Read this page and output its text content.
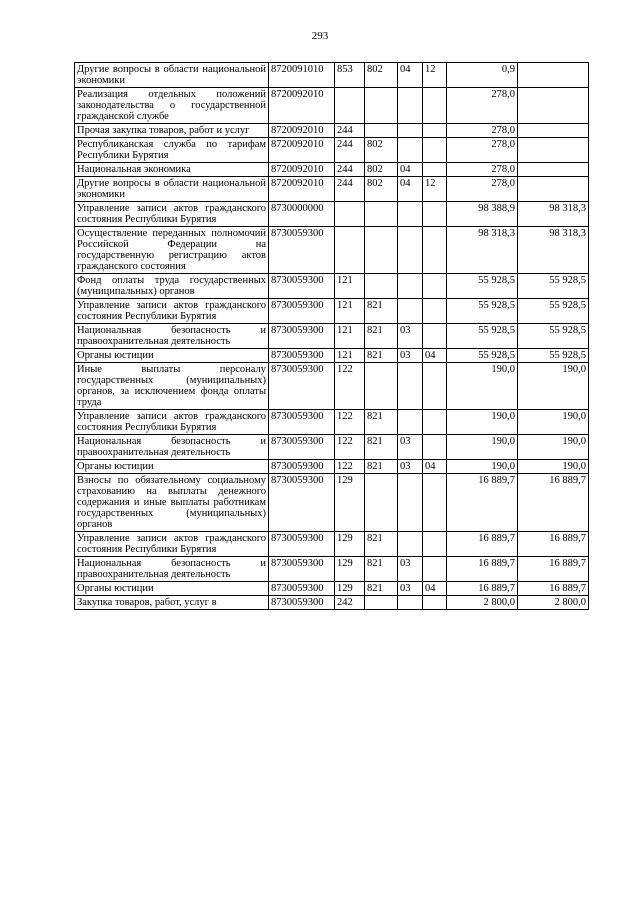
293
Другие вопросы в области национальной экономики	8720091010	853	802	04	12	0,9	
Реализация отдельных положений законодательства о государственной гражданской службе	8720092010					278,0	
Прочая закупка товаров, работ и услуг	8720092010	244				278,0	
Республиканская служба по тарифам Республики Бурятия	8720092010	244	802			278,0	
Национальная экономика	8720092010	244	802	04		278,0	
Другие вопросы в области национальной экономики	8720092010	244	802	04	12	278,0	
Управление записи актов гражданского состояния Республики Бурятия	8730000000					98 388,9	98 318,3
Осуществление переданных полномочий Российской Федерации на государственную регистрацию актов гражданского состояния	8730059300					98 318,3	98 318,3
Фонд оплаты труда государственных (муниципальных) органов	8730059300	121				55 928,5	55 928,5
Управление записи актов гражданского состояния Республики Бурятия	8730059300	121	821			55 928,5	55 928,5
Национальная безопасность и правоохранительная деятельность	8730059300	121	821	03		55 928,5	55 928,5
Органы юстиции	8730059300	121	821	03	04	55 928,5	55 928,5
Иные выплаты персоналу государственных (муниципальных) органов, за исключением фонда оплаты труда	8730059300	122				190,0	190,0
Управление записи актов гражданского состояния Республики Бурятия	8730059300	122	821			190,0	190,0
Национальная безопасность и правоохранительная деятельность	8730059300	122	821	03		190,0	190,0
Органы юстиции	8730059300	122	821	03	04	190,0	190,0
Взносы по обязательному социальному страхованию на выплаты денежного содержания и иные выплаты работникам государственных (муниципальных) органов	8730059300	129				16 889,7	16 889,7
Управление записи актов гражданского состояния Республики Бурятия	8730059300	129	821			16 889,7	16 889,7
Национальная безопасность и правоохранительная деятельность	8730059300	129	821	03		16 889,7	16 889,7
Органы юстиции	8730059300	129	821	03	04	16 889,7	16 889,7
Закупка товаров, работ, услуг в	8730059300	242				2 800,0	2 800,0
